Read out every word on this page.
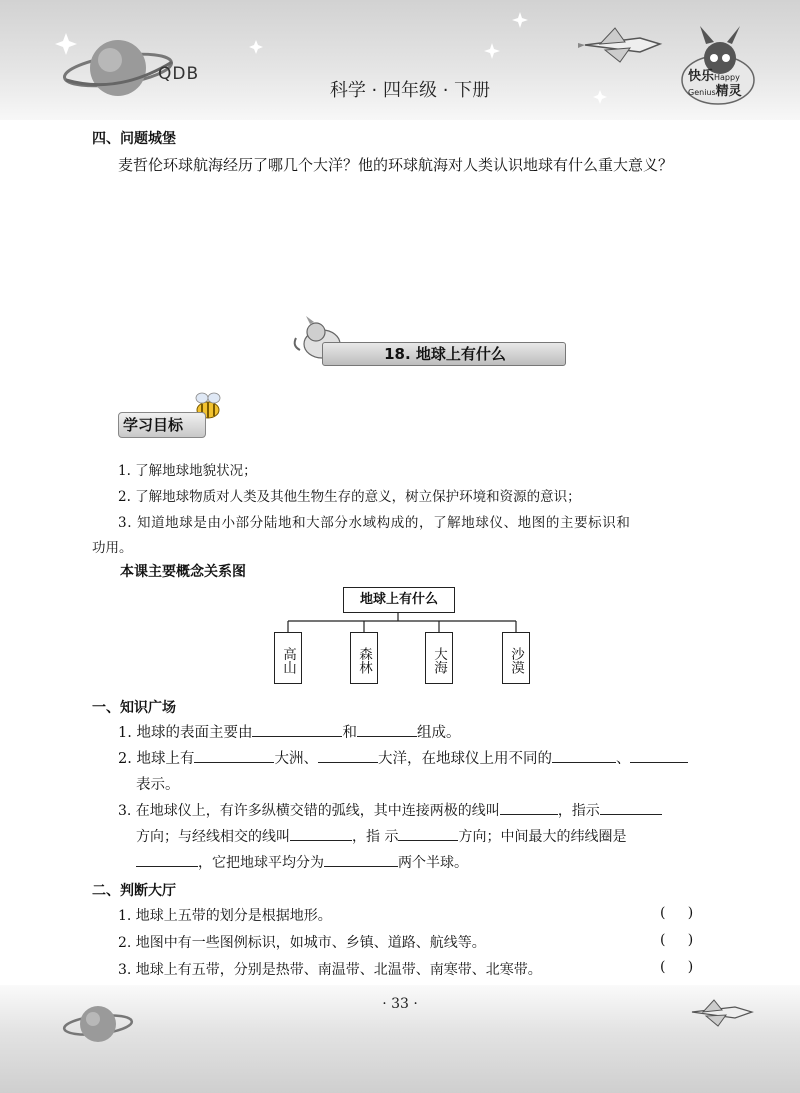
QDB
科学 · 四年级 · 下册
快乐Happy
Genius精灵
四、问题城堡
麦哲伦环球航海经历了哪几个大洋？他的环球航海对人类认识地球有什么重大意义？
18. 地球上有什么
学习目标
1. 了解地球地貌状况；
2. 了解地球物质对人类及其他生物生存的意义，树立保护环境和资源的意识；
3. 知道地球是由小部分陆地和大部分水域构成的，了解地球仪、地图的主要标识和
功用。
本课主要概念关系图
地球上有什么
高山	森林	大海	沙漠
一、知识广场
1. 地球的表面主要由	和	组成。
2. 地球上有	大洲、	大洋，在地球仪上用不同的	、
表示。
3. 在地球仪上，有许多纵横交错的弧线，其中连接两极的线叫	，指示
方向；与经线相交的线叫	，指 示	方向；中间最大的纬线圈是
，它把地球平均分为	两个半球。
二、判断大厅
1. 地球上五带的划分是根据地形。	(     )
2. 地图中有一些图例标识，如城市、乡镇、道路、航线等。	(     )
3. 地球上有五带，分别是热带、南温带、北温带、南寒带、北寒带。	(     )
· 33 ·
